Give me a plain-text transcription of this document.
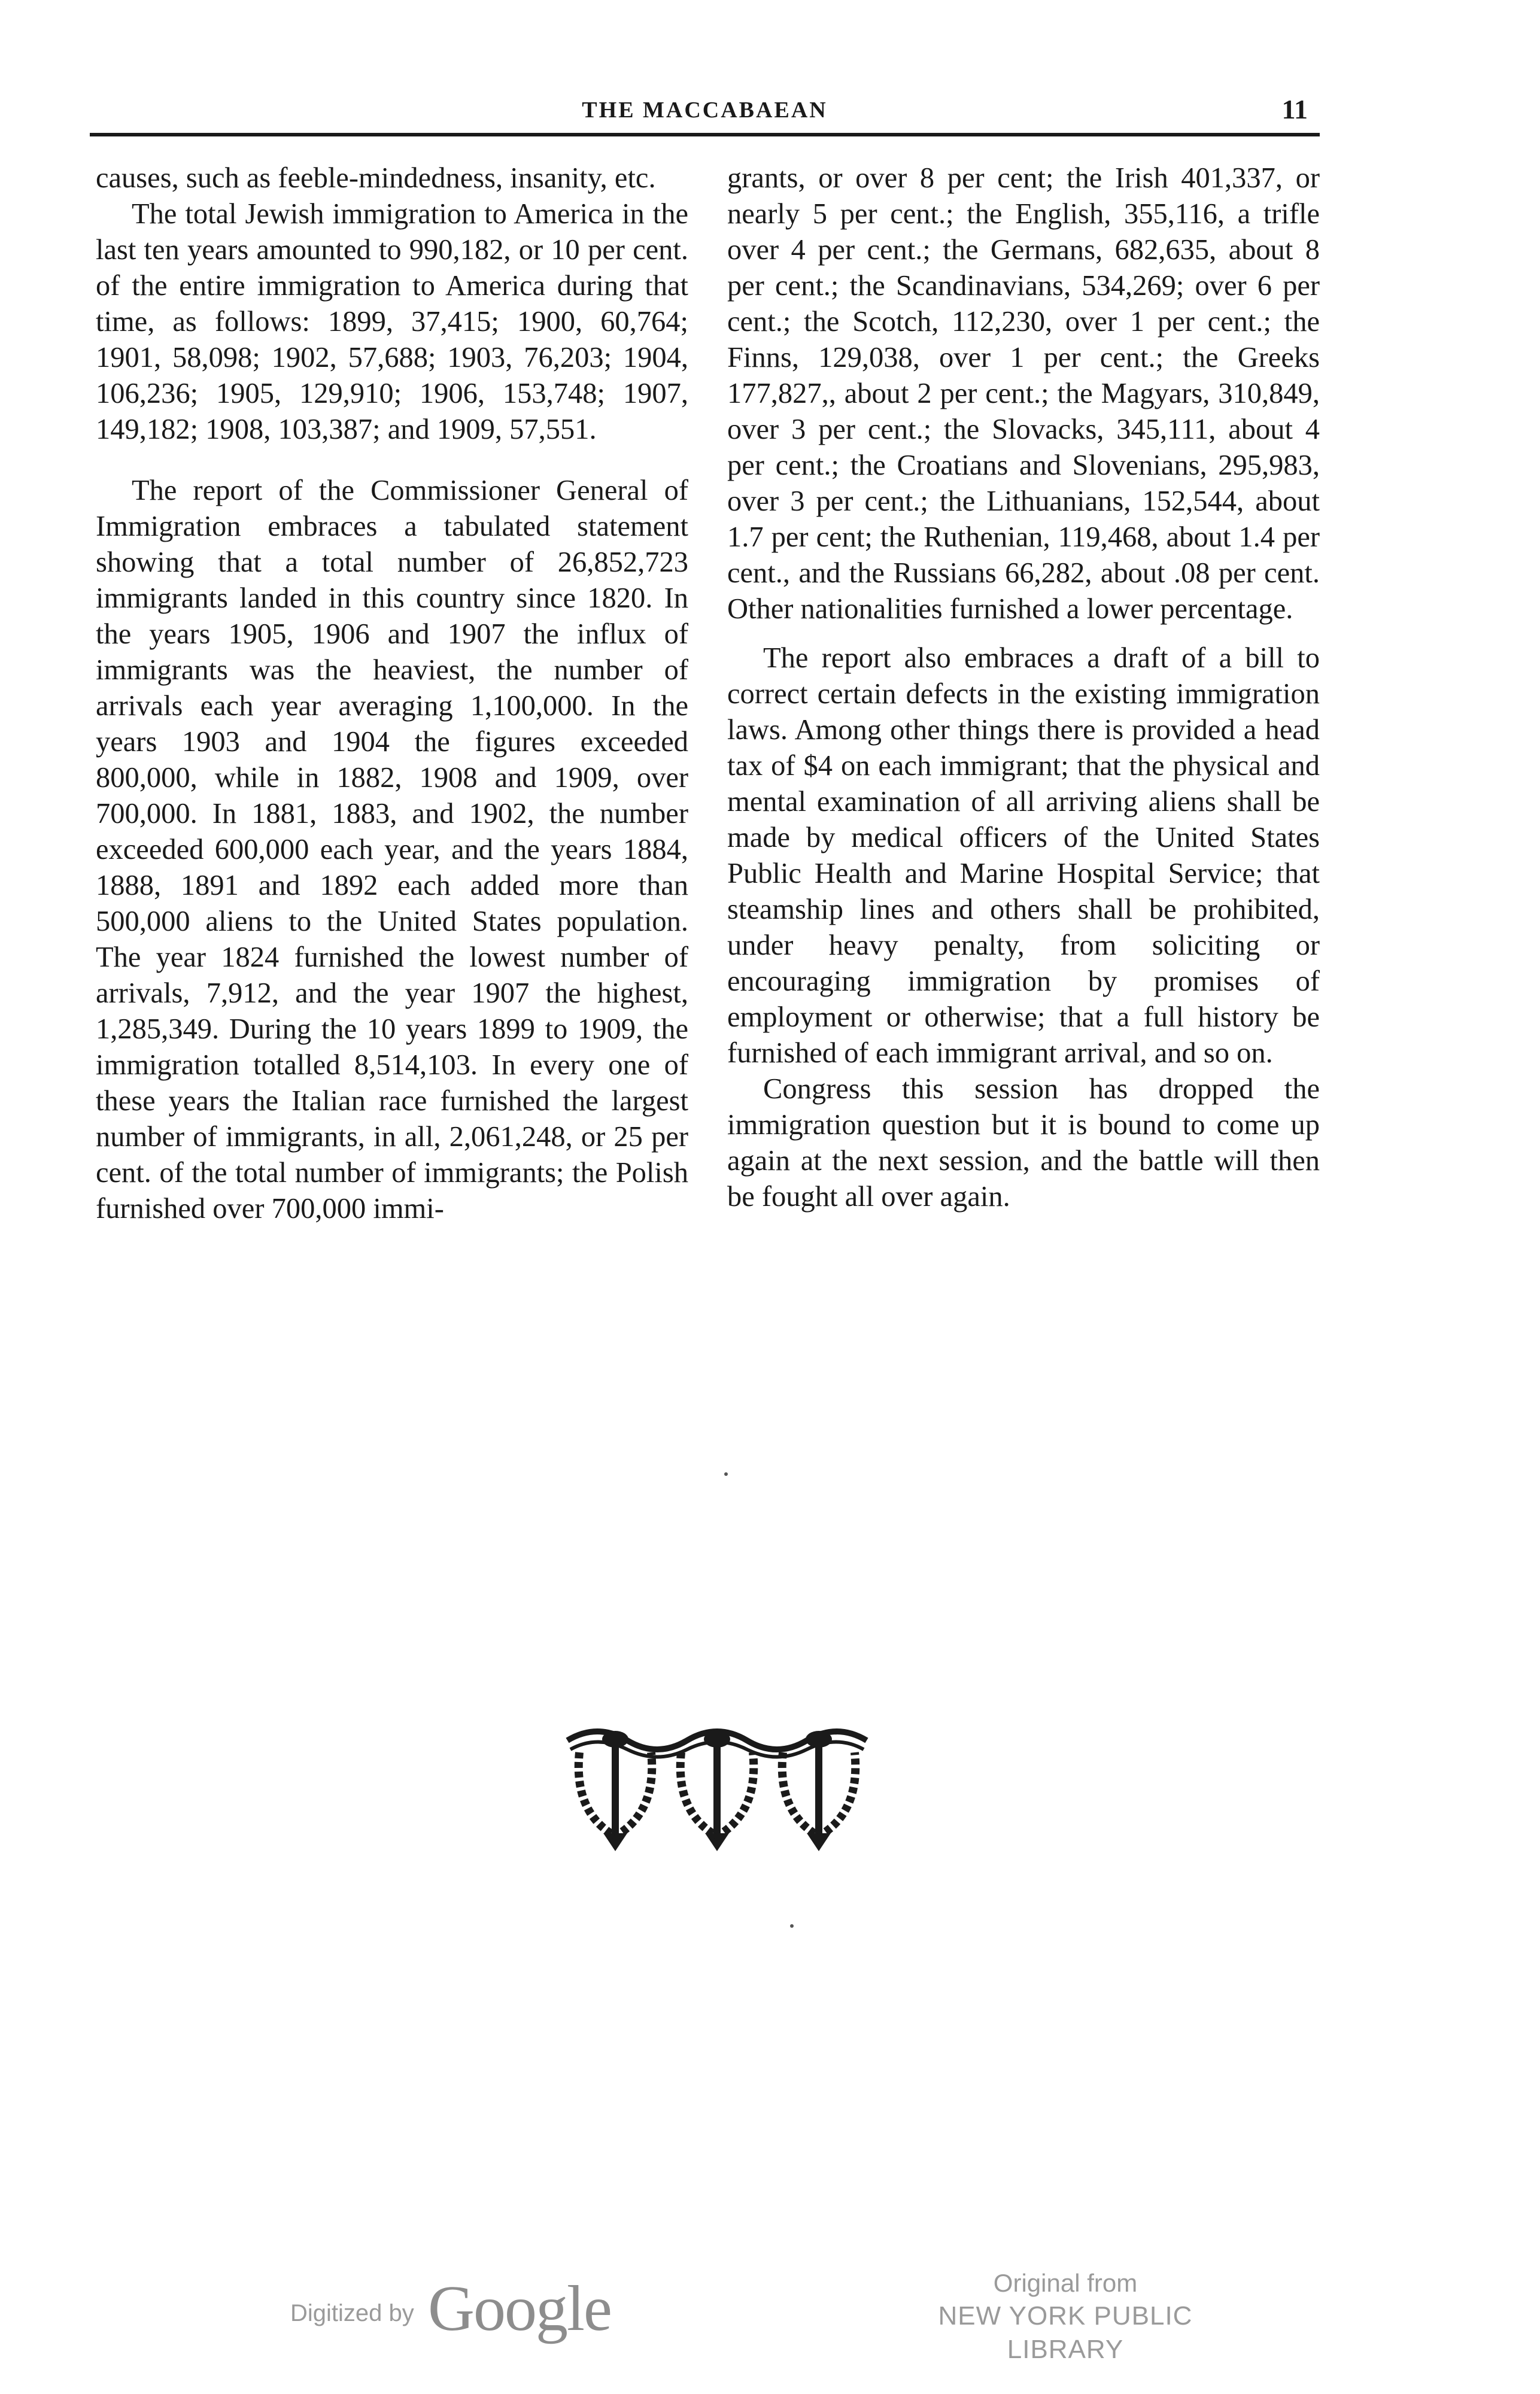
THE MACCABAEAN	11

causes, such as feeble-mindedness, insanity, etc.

The total Jewish immigration to America in the last ten years amounted to 990,182, or 10 per cent. of the entire immigration to America during that time, as follows: 1899, 37,415; 1900, 60,764; 1901, 58,098; 1902, 57,688; 1903, 76,203; 1904, 106,236; 1905, 129,910; 1906, 153,748; 1907, 149,182; 1908, 103,387; and 1909, 57,551.

The report of the Commissioner General of Immigration embraces a tabulated statement showing that a total number of 26,852,723 immigrants landed in this country since 1820. In the years 1905, 1906 and 1907 the influx of immigrants was the heaviest, the number of arrivals each year averaging 1,100,000. In the years 1903 and 1904 the figures exceeded 800,000, while in 1882, 1908 and 1909, over 700,000. In 1881, 1883, and 1902, the number exceeded 600,000 each year, and the years 1884, 1888, 1891 and 1892 each added more than 500,000 aliens to the United States population. The year 1824 furnished the lowest number of arrivals, 7,912, and the year 1907 the highest, 1,285,349. During the 10 years 1899 to 1909, the immigration totalled 8,514,103. In every one of these years the Italian race furnished the largest number of immigrants, in all, 2,061,248, or 25 per cent. of the total number of immigrants; the Polish furnished over 700,000 immi-

grants, or over 8 per cent; the Irish 401,337, or nearly 5 per cent.; the English, 355,116, a trifle over 4 per cent.; the Germans, 682,635, about 8 per cent.; the Scandinavians, 534,269; over 6 per cent.; the Scotch, 112,230, over 1 per cent.; the Finns, 129,038, over 1 per cent.; the Greeks 177,827,, about 2 per cent.; the Magyars, 310,849, over 3 per cent.; the Slovacks, 345,111, about 4 per cent.; the Croatians and Slovenians, 295,983, over 3 per cent.; the Lithuanians, 152,544, about 1.7 per cent; the Ruthenian, 119,468, about 1.4 per cent., and the Russians 66,282, about .08 per cent. Other nationalities furnished a lower percentage.

The report also embraces a draft of a bill to correct certain defects in the existing immigration laws. Among other things there is provided a head tax of $4 on each immigrant; that the physical and mental examination of all arriving aliens shall be made by medical officers of the United States Public Health and Marine Hospital Service; that steamship lines and others shall be prohibited, under heavy penalty, from soliciting or encouraging immigration by promises of employment or otherwise; that a full history be furnished of each immigrant arrival, and so on.

Congress this session has dropped the immigration question but it is bound to come up again at the next session, and the battle will then be fought all over again.

Digitized by Google	Original from
NEW YORK PUBLIC LIBRARY
